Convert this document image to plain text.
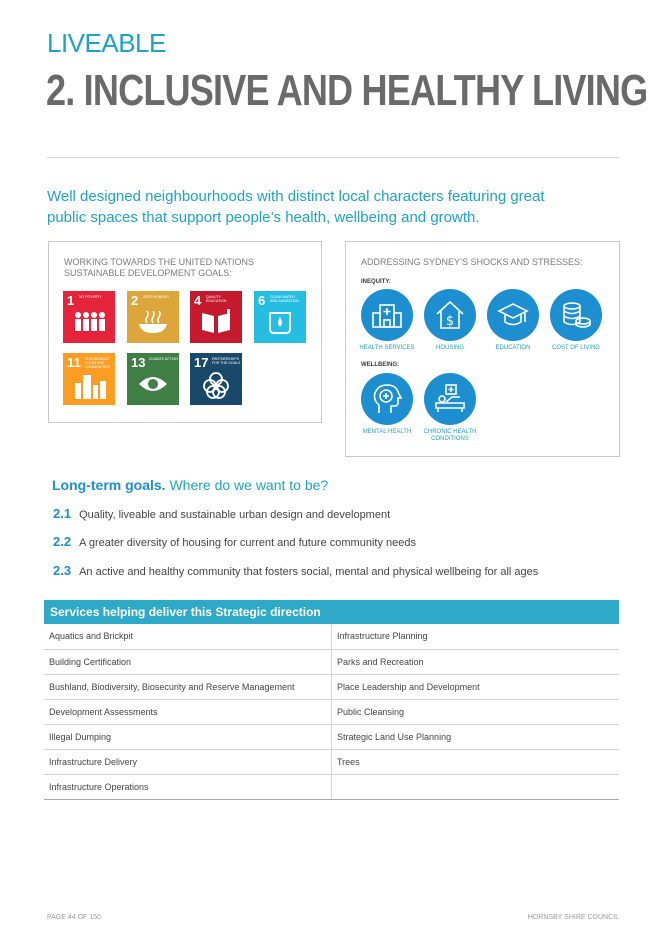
LIVEABLE
2. INCLUSIVE AND HEALTHY LIVING
Well designed neighbourhoods with distinct local characters featuring great public spaces that support people’s health, wellbeing and growth.
WORKING TOWARDS THE UNITED NATIONS SUSTAINABLE DEVELOPMENT GOALS:
1 NO POVERTY	2 ZERO HUNGER	4 QUALITY EDUCATION	6 CLEAN WATER AND SANITATION
11 SUSTAINABLE CITIES AND COMMUNITIES	13 CLIMATE ACTION 17 PARTNERSHIPS FOR THE GOALS
ADDRESSING SYDNEY’S SHOCKS AND STRESSES:
INEQUITY:
HEALTH SERVICES
$
HOUSING	EDUCATION	COST OF LIVING
WELLBEING:
MENTAL HEALTH	CHRONIC HEALTH CONDITIONS
Long-term goals. Where do we want to be?
2.1 Quality, liveable and sustainable urban design and development
2.2 A greater diversity of housing for current and future community needs
2.3 An active and healthy community that fosters social, mental and physical wellbeing for all ages
Services helping deliver this Strategic direction
Aquatics and Brickpit	Infrastructure Planning
Building Certification	Parks and Recreation
Bushland, Biodiversity, Biosecurity and Reserve Management	Place Leadership and Development
Development Assessments	Public Cleansing
Illegal Dumping	Strategic Land Use Planning
Infrastructure Delivery	Trees
Infrastructure Operations	
PAGE 44 OF 150	HORNSBY SHIRE COUNCIL
